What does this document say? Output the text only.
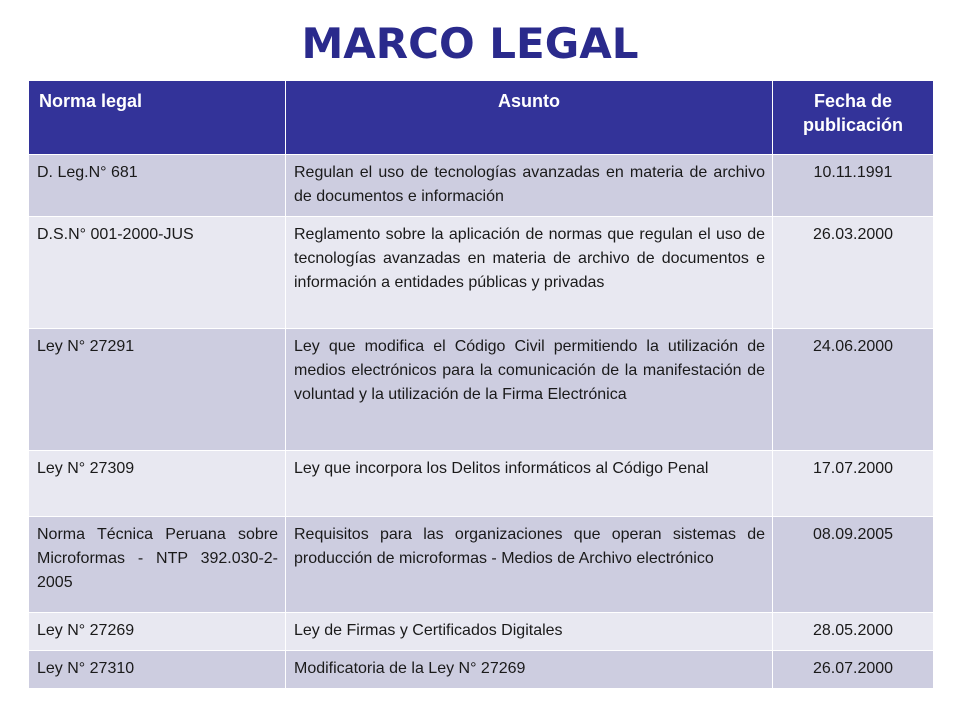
MARCO LEGAL
Norma legal	Asunto	Fecha de publicación
D. Leg.N° 681	Regulan el uso de tecnologías avanzadas en materia de archivo de documentos e información	10.11.1991
D.S.N° 001-2000-JUS	Reglamento sobre la aplicación de normas que regulan el uso de tecnologías avanzadas en materia de archivo de documentos e información a entidades públicas y privadas	26.03.2000
Ley N° 27291	Ley que modifica el Código Civil permitiendo la utilización de medios electrónicos para la comunicación de la manifestación de voluntad y la utilización de la Firma Electrónica	24.06.2000
Ley N° 27309	Ley que incorpora los Delitos informáticos al Código Penal	17.07.2000
Norma Técnica Peruana sobre Microformas - NTP 392.030-2-2005	Requisitos para las organizaciones que operan sistemas de producción de microformas - Medios de Archivo electrónico	08.09.2005
Ley N° 27269	Ley de Firmas y Certificados Digitales	28.05.2000
Ley N° 27310	Modificatoria de la Ley N° 27269	26.07.2000
